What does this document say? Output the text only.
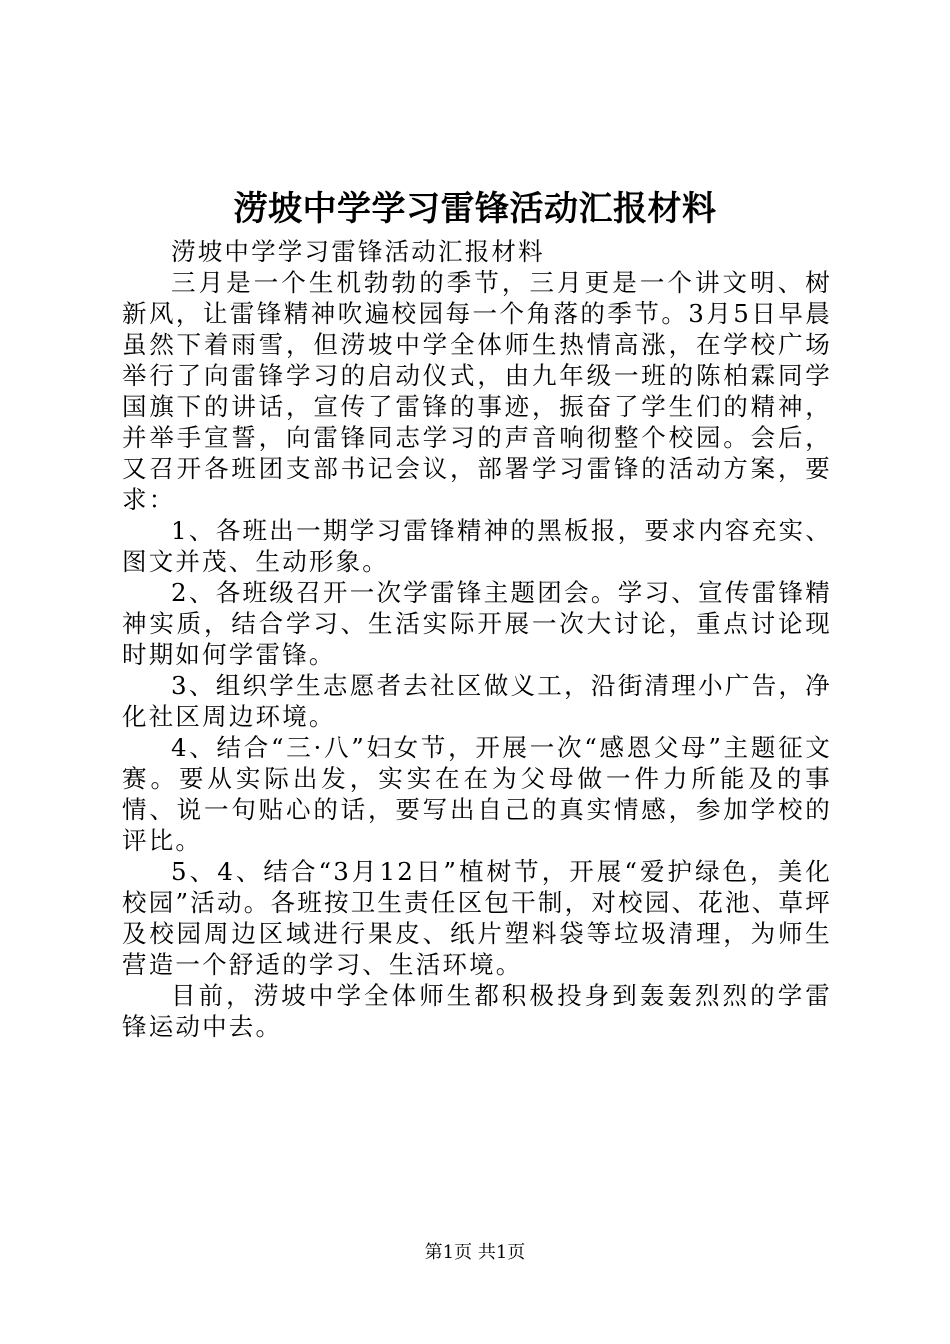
涝坡中学学习雷锋活动汇报材料

涝坡中学学习雷锋活动汇报材料

三月是一个生机勃勃的季节，三月更是一个讲文明、树新风，让雷锋精神吹遍校园每一个角落的季节。3月5日早晨虽然下着雨雪，但涝坡中学全体师生热情高涨，在学校广场举行了向雷锋学习的启动仪式，由九年级一班的陈柏霖同学国旗下的讲话，宣传了雷锋的事迹，振奋了学生们的精神，并举手宣誓，向雷锋同志学习的声音响彻整个校园。会后，又召开各班团支部书记会议，部署学习雷锋的活动方案，要求：

1、各班出一期学习雷锋精神的黑板报，要求内容充实、图文并茂、生动形象。

2、各班级召开一次学雷锋主题团会。学习、宣传雷锋精神实质，结合学习、生活实际开展一次大讨论，重点讨论现时期如何学雷锋。

3、组织学生志愿者去社区做义工，沿街清理小广告，净化社区周边环境。

4、结合“三·八”妇女节，开展一次“感恩父母”主题征文赛。要从实际出发，实实在在为父母做一件力所能及的事情、说一句贴心的话，要写出自己的真实情感，参加学校的评比。

5、4、结合“3月12日”植树节，开展“爱护绿色，美化校园”活动。各班按卫生责任区包干制，对校园、花池、草坪及校园周边区域进行果皮、纸片塑料袋等垃圾清理，为师生营造一个舒适的学习、生活环境。

目前，涝坡中学全体师生都积极投身到轰轰烈烈的学雷锋运动中去。

第1页 共1页
